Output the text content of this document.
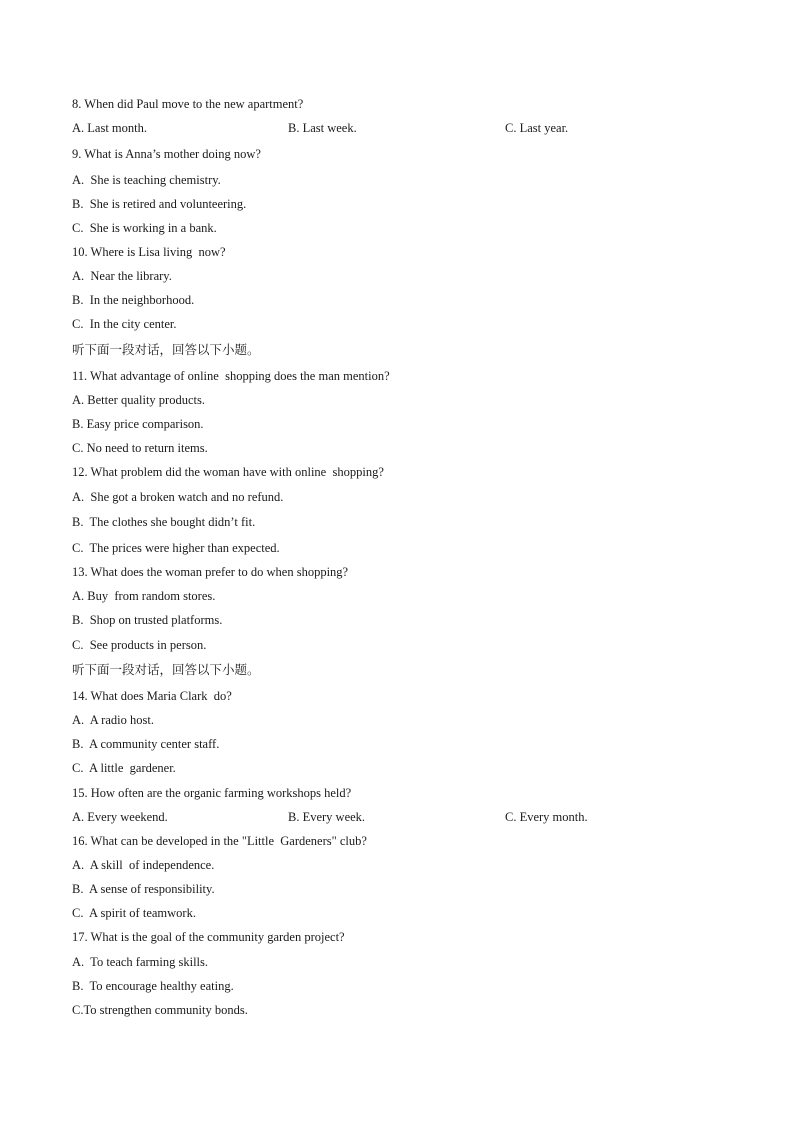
8. When did Paul move to the new apartment?
A. Last month.	B. Last week.	C. Last year.
9. What is Anna’s mother doing now?
A.  She is teaching chemistry.
B.  She is retired and volunteering.
C.  She is working in a bank.
10. Where is Lisa living  now?
A.  Near the library.
B.  In the neighborhood.
C.  In the city center.
听下面一段对话，回答以下小题。
11. What advantage of online  shopping does the man mention?
A. Better quality products.
B. Easy price comparison.
C. No need to return items.
12. What problem did the woman have with online  shopping?
A.  She got a broken watch and no refund.
B.  The clothes she bought didn’t fit.
C.  The prices were higher than expected.
13. What does the woman prefer to do when shopping?
A. Buy  from random stores.
B.  Shop on trusted platforms.
C.  See products in person.
听下面一段对话，回答以下小题。
14. What does Maria Clark  do?
A.  A radio host.
B.  A community center staff.
C.  A little  gardener.
15. How often are the organic farming workshops held?
A. Every weekend.	B. Every week.	C. Every month.
16. What can be developed in the "Little  Gardeners" club?
A.  A skill  of independence.
B.  A sense of responsibility.
C.  A spirit of teamwork.
17. What is the goal of the community garden project?
A.  To teach farming skills.
B.  To encourage healthy eating.
C.To strengthen community bonds.
